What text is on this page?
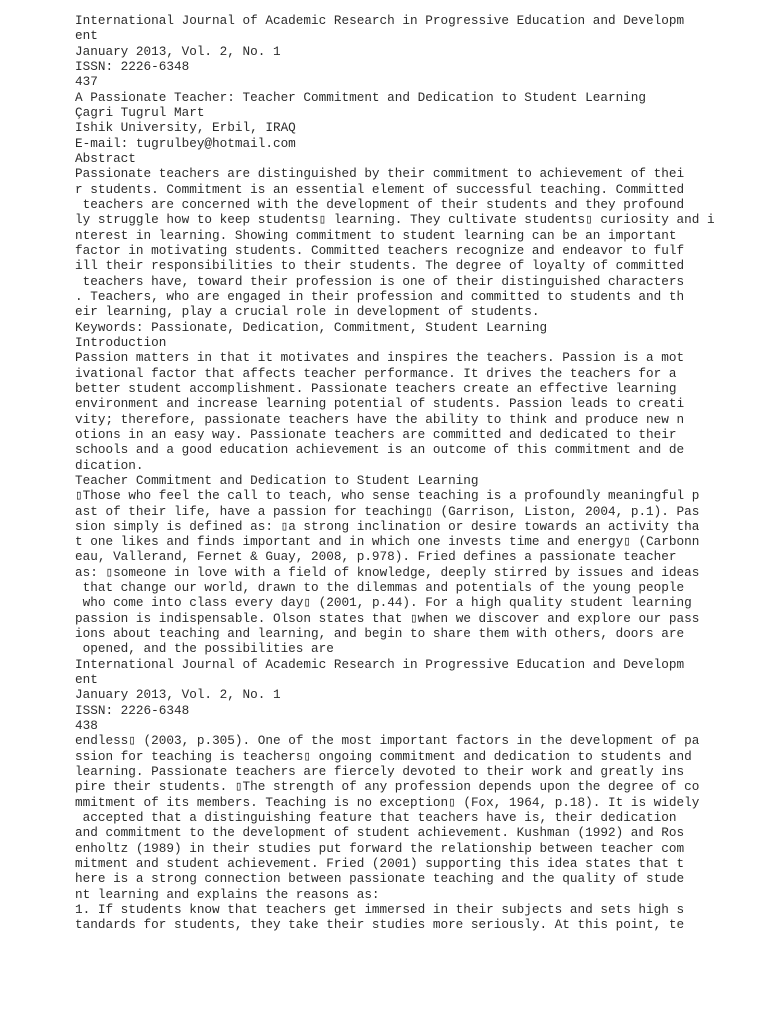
International Journal of Academic Research in Progressive Education and Developm
ent
January 2013, Vol. 2, No. 1
ISSN: 2226-6348
437
A Passionate Teacher: Teacher Commitment and Dedication to Student Learning
Çagri Tugrul Mart
Ishik University, Erbil, IRAQ
E-mail: tugrulbey@hotmail.com
Abstract
Passionate teachers are distinguished by their commitment to achievement of thei
r students. Commitment is an essential element of successful teaching. Committed
teachers are concerned with the development of their students and they profound
ly struggle how to keep students▯ learning. They cultivate students▯ curiosity and i
nterest in learning. Showing commitment to student learning can be an important
factor in motivating students. Committed teachers recognize and endeavor to fulf
ill their responsibilities to their students. The degree of loyalty of committed
teachers have, toward their profession is one of their distinguished characters
. Teachers, who are engaged in their profession and committed to students and th
eir learning, play a crucial role in development of students.
Keywords: Passionate, Dedication, Commitment, Student Learning
Introduction
Passion matters in that it motivates and inspires the teachers. Passion is a mot
ivational factor that affects teacher performance. It drives the teachers for a
better student accomplishment. Passionate teachers create an effective learning
environment and increase learning potential of students. Passion leads to creati
vity; therefore, passionate teachers have the ability to think and produce new n
otions in an easy way. Passionate teachers are committed and dedicated to their
schools and a good education achievement is an outcome of this commitment and de
dication.
Teacher Commitment and Dedication to Student Learning
▯Those who feel the call to teach, who sense teaching is a profoundly meaningful p
ast of their life, have a passion for teaching▯ (Garrison, Liston, 2004, p.1). Pas
sion simply is defined as: ▯a strong inclination or desire towards an activity tha
t one likes and finds important and in which one invests time and energy▯ (Carbonn
eau, Vallerand, Fernet & Guay, 2008, p.978). Fried defines a passionate teacher
as: ▯someone in love with a field of knowledge, deeply stirred by issues and ideas
that change our world, drawn to the dilemmas and potentials of the young people
who come into class every day▯ (2001, p.44). For a high quality student learning
passion is indispensable. Olson states that ▯when we discover and explore our pass
ions about teaching and learning, and begin to share them with others, doors are
opened, and the possibilities are
International Journal of Academic Research in Progressive Education and Developm
ent
January 2013, Vol. 2, No. 1
ISSN: 2226-6348
438
endless▯ (2003, p.305). One of the most important factors in the development of pa
ssion for teaching is teachers▯ ongoing commitment and dedication to students and
learning. Passionate teachers are fiercely devoted to their work and greatly ins
pire their students. ▯The strength of any profession depends upon the degree of co
mmitment of its members. Teaching is no exception▯ (Fox, 1964, p.18). It is widely
accepted that a distinguishing feature that teachers have is, their dedication
and commitment to the development of student achievement. Kushman (1992) and Ros
enholtz (1989) in their studies put forward the relationship between teacher com
mitment and student achievement. Fried (2001) supporting this idea states that t
here is a strong connection between passionate teaching and the quality of stude
nt learning and explains the reasons as:
1. If students know that teachers get immersed in their subjects and sets high s
tandards for students, they take their studies more seriously. At this point, te
